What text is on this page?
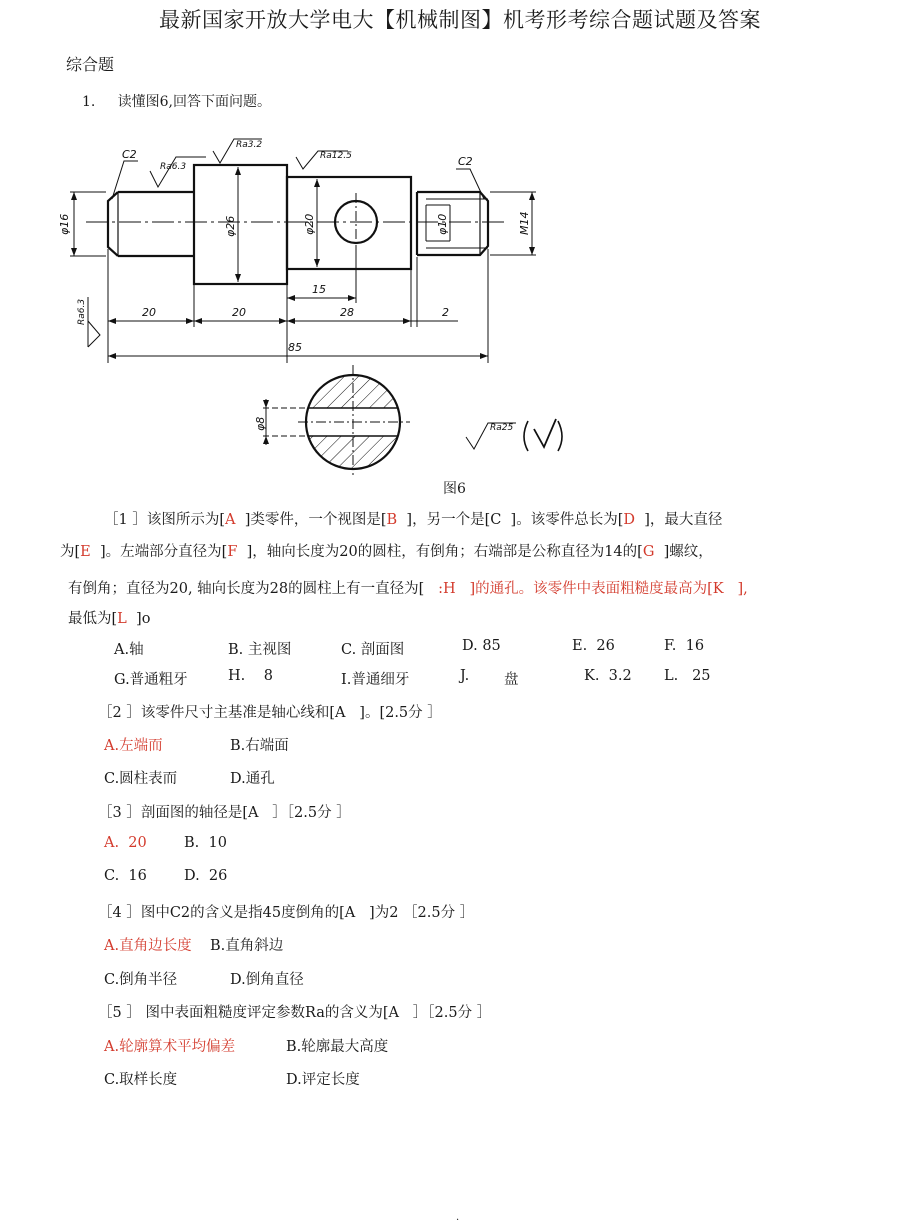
最新国家开放大学电大【机械制图】机考形考综合题试题及答案
综合题
1. 读懂图6,回答下面问题。
C2
C2
Ra6.3
Ra3.2
Ra12.5
Ra6.3
φ16	φ26	φ20	φ10	M14
20	20
15
28	2
85
φ8	Ra25
图6
［1 ］该图所示为[A ]类零件，一个视图是[B ]，另一个是[C ]。该零件总长为[D ]，最大直径
为[E ]。左端部分直径为[F ]，轴向长度为20的圆柱，有倒角；右端部是公称直径为14的[G ]螺纹，
有倒角；直径为20, 轴向长度为28的圆柱上有一直径为[   :H   ]的通孔。该零件中表面粗糙度最高为[K   ],
最低为[L ]o
A.轴	B. 主视图	C. 剖面图	D. 85	E.  26	F.  16
G.普通粗牙	H.    8	I.普通细牙	J. 盘	K.  3.2 L.   25
［2 ］该零件尺寸主基准是轴心线和[A   ]。[2.5分 ］
A.左端而	B.右端面
C.圆柱表而	D.通孔
［3 ］剖面图的轴径是[A   ］［2.5分 ］
A.  20	B.  10
C.  16	D.  26
［4 ］图中C2的含义是指45度倒角的[A   ]为2 ［2.5分 ］
A.直角边长度 B.直角斜边
C.倒角半径	D.倒角直径
［5 ］ 图中表面粗糙度评定参数Ra的含义为[A   ］［2.5分 ］
A.轮廓算术平均偏差	B.轮廓最大高度
C.取样长度	D.评定长度
.
